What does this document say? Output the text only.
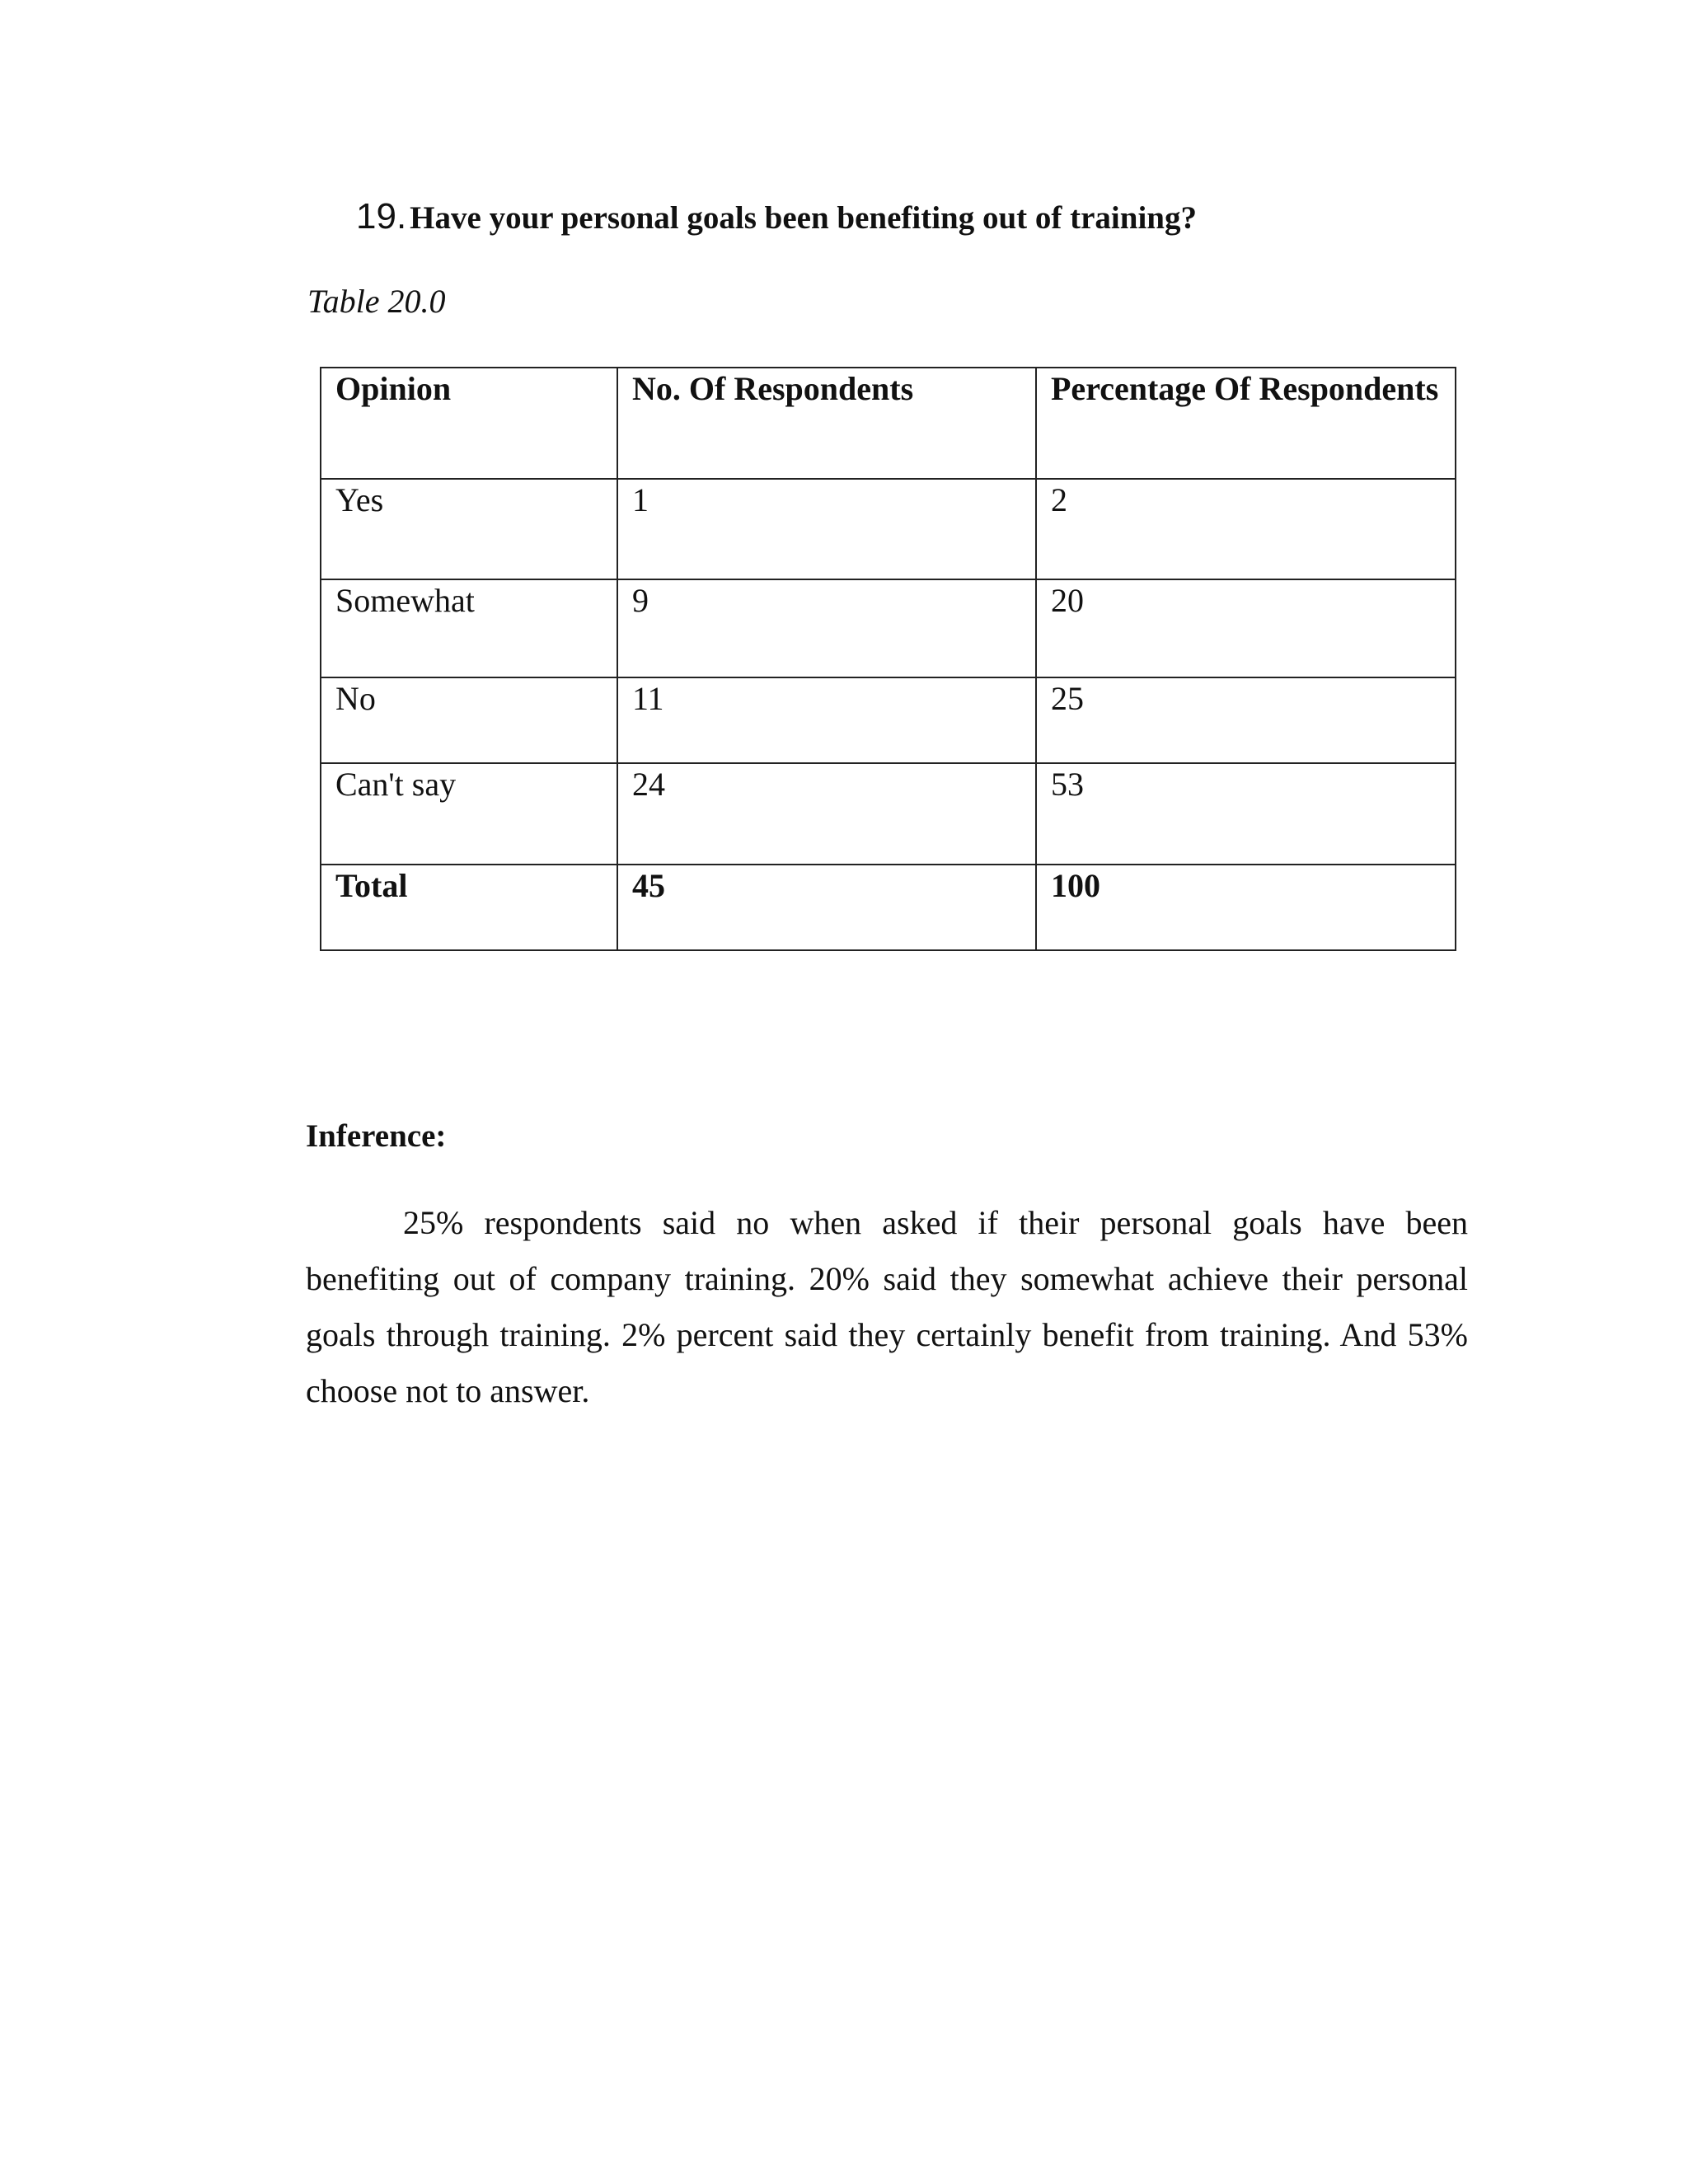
19. Have your personal goals been benefiting out of training?
Table 20.0
Opinion	No. Of Respondents	Percentage Of Respondents
Yes	1	2
Somewhat	9	20
No	11	25
Can't say	24	53
Total	45	100
Inference:

25% respondents said no when asked if their personal goals have been benefiting out of company training. 20% said they somewhat achieve their personal goals through training. 2% percent said they certainly benefit from training. And 53% choose not to answer.
